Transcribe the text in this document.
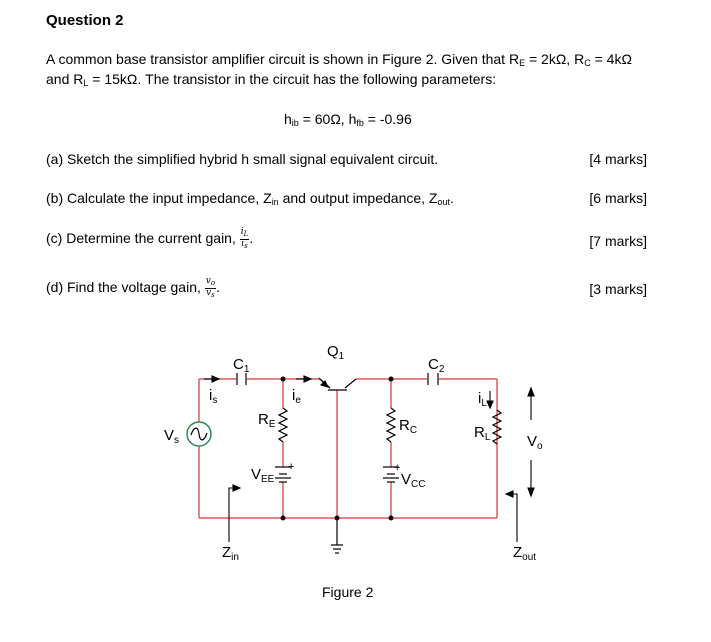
Question 2
A common base transistor amplifier circuit is shown in Figure 2. Given that $R_E = 2k\Omega$, $R_C = 4k\Omega$
and $R_L = 15k\Omega$. The transistor in the circuit has the following parameters:
$h_{ib} = 60\Omega$, $h_{fb} = -0.96$
(a) Sketch the simplified hybrid h small signal equivalent circuit.	[4 marks]
(b) Calculate the input impedance, $Z_{in}$ and output impedance, $Z_{out}$.	[6 marks]
(c) Determine the current gain, $\frac{i_L}{i_s}$ .	[7 marks]
(d) Find the voltage gain, $\frac{v_o}{v_s}$ .	[3 marks]
$C_1$
$Q_1$	$C_2$
$i_s$	$i_e$	$i_L$
$R_E$	$R_C$	$R_L$
$V_s$	$V_o$
$V_{EE}$	$V_{CC}$
+	+
$Z_{in}$	$Z_{out}$
Figure 2
